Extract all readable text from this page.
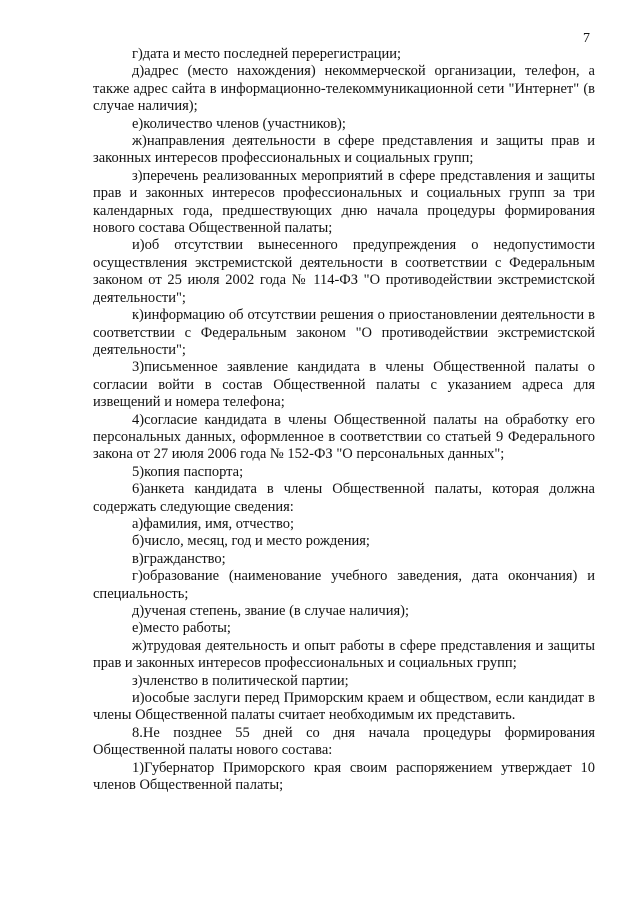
7

г)дата и место последней перерегистрации;

д)адрес (место нахождения) некоммерческой организации, телефон, а также адрес сайта в информационно-телекоммуникационной сети "Интернет" (в случае наличия);

е)количество членов (участников);

ж)направления деятельности в сфере представления и защиты прав и законных интересов профессиональных и социальных групп;

з)перечень реализованных мероприятий в сфере представления и защиты прав и законных интересов профессиональных и социальных групп за три календарных года, предшествующих дню начала процедуры формирования нового состава Общественной палаты;

и)об отсутствии вынесенного предупреждения о недопустимости осуществления экстремистской деятельности в соответствии с Федеральным законом от 25 июля 2002 года № 114-ФЗ "О противодействии экстремистской деятельности";

к)информацию об отсутствии решения о приостановлении деятельности в соответствии с Федеральным законом "О противодействии экстремистской деятельности";

3)письменное заявление кандидата в члены Общественной палаты о согласии войти в состав Общественной палаты с указанием адреса для извещений и номера телефона;

4)согласие кандидата в члены Общественной палаты на обработку его персональных данных, оформленное в соответствии со статьей 9 Федерального закона от 27 июля 2006 года № 152-ФЗ "О персональных данных";

5)копия паспорта;

6)анкета кандидата в члены Общественной палаты, которая должна содержать следующие сведения:

а)фамилия, имя, отчество;

б)число, месяц, год и место рождения;

в)гражданство;

г)образование (наименование учебного заведения, дата окончания) и специальность;

д)ученая степень, звание (в случае наличия);

е)место работы;

ж)трудовая деятельность и опыт работы в сфере представления и защиты прав и законных интересов профессиональных и социальных групп;

з)членство в политической партии;

и)особые заслуги перед Приморским краем и обществом, если кандидат в члены Общественной палаты считает необходимым их представить.

8.Не позднее 55 дней со дня начала процедуры формирования Общественной палаты нового состава:

1)Губернатор Приморского края своим распоряжением утверждает 10 членов Общественной палаты;
